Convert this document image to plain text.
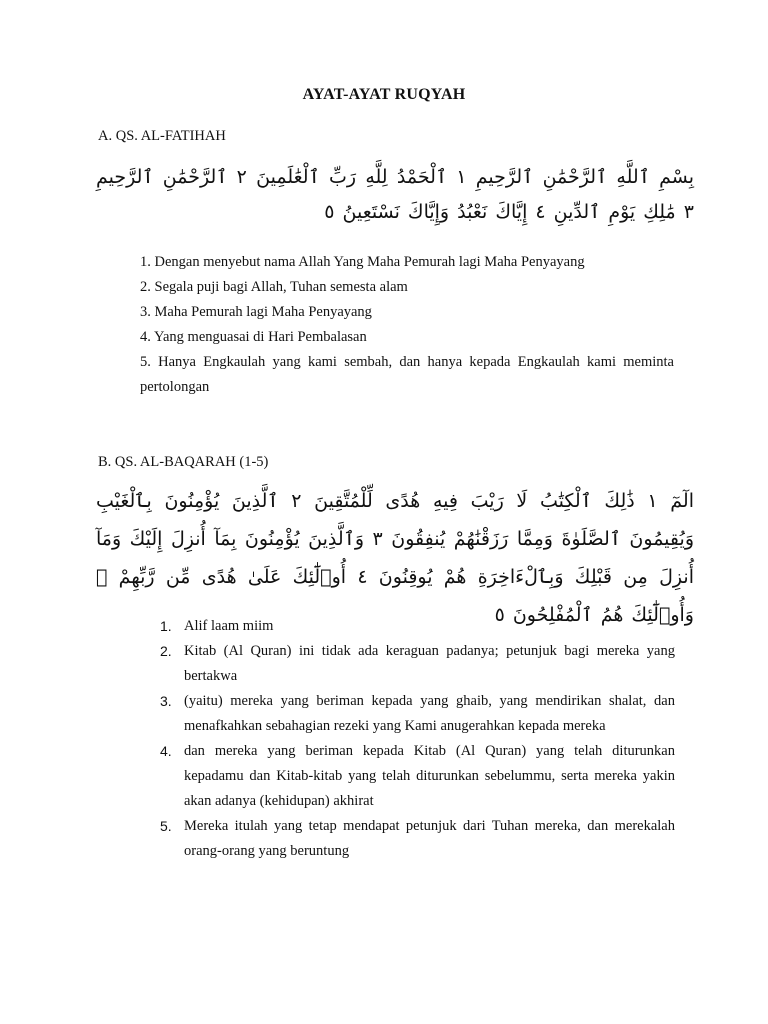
AYAT-AYAT RUQYAH
A. QS. AL-FATIHAH
بِسْمِ ٱللَّهِ ٱلرَّحْمَٰنِ ٱلرَّحِيمِ ١ ٱلْحَمْدُ لِلَّهِ رَبِّ ٱلْعَٰلَمِينَ ٢ ٱلرَّحْمَٰنِ ٱلرَّحِيمِ ٣ مَٰلِكِ يَوْمِ ٱلدِّينِ ٤ إِيَّاكَ نَعْبُدُ وَإِيَّاكَ نَسْتَعِينُ ٥
1. Dengan menyebut nama Allah Yang Maha Pemurah lagi Maha Penyayang
2. Segala puji bagi Allah, Tuhan semesta alam
3. Maha Pemurah lagi Maha Penyayang
4. Yang menguasai di Hari Pembalasan
5. Hanya Engkaulah yang kami sembah, dan hanya kepada Engkaulah kami meminta pertolongan
B. QS. AL-BAQARAH (1-5)
الٓمٓ ١ ذَٰلِكَ ٱلْكِتَٰبُ لَا رَيْبَ فِيهِ هُدًى لِّلْمُتَّقِينَ ٢ ٱلَّذِينَ يُؤْمِنُونَ بِٱلْغَيْبِ وَيُقِيمُونَ ٱلصَّلَوٰةَ وَمِمَّا رَزَقْنَٰهُمْ يُنفِقُونَ ٣ وَٱلَّذِينَ يُؤْمِنُونَ بِمَآ أُنزِلَ إِلَيْكَ وَمَآ أُنزِلَ مِن قَبْلِكَ وَبِٱلْءَاخِرَةِ هُمْ يُوقِنُونَ ٤ أُو۟لَٰٓئِكَ عَلَىٰ هُدًى مِّن رَّبِّهِمْ ۖ وَأُو۟لَٰٓئِكَ هُمُ ٱلْمُفْلِحُونَ ٥
1. Alif laam miim
2. Kitab (Al Quran) ini tidak ada keraguan padanya; petunjuk bagi mereka yang bertakwa
3. (yaitu) mereka yang beriman kepada yang ghaib, yang mendirikan shalat, dan menafkahkan sebahagian rezeki yang Kami anugerahkan kepada mereka
4. dan mereka yang beriman kepada Kitab (Al Quran) yang telah diturunkan kepadamu dan Kitab-kitab yang telah diturunkan sebelummu, serta mereka yakin akan adanya (kehidupan) akhirat
5. Mereka itulah yang tetap mendapat petunjuk dari Tuhan mereka, dan merekalah orang-orang yang beruntung
